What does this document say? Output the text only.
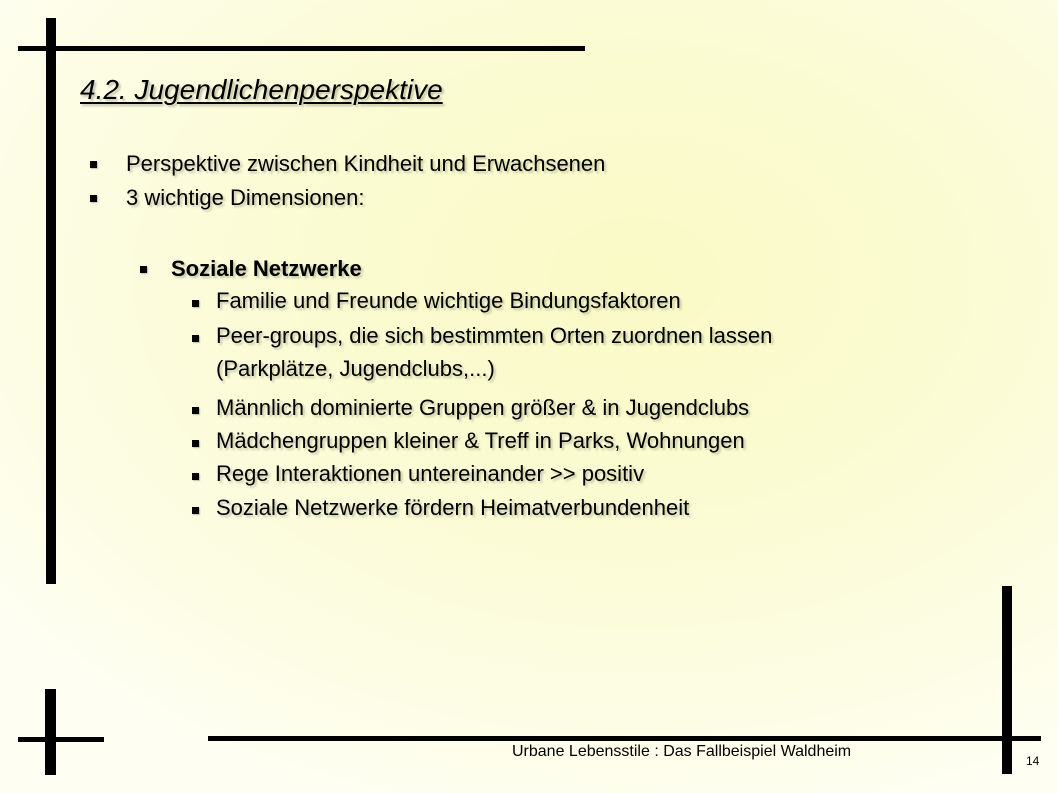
4.2. Jugendlichenperspektive
Perspektive zwischen Kindheit und Erwachsenen
3 wichtige Dimensionen:
Soziale Netzwerke
Familie und Freunde wichtige Bindungsfaktoren
Peer-groups, die sich bestimmten Orten zuordnen lassen
(Parkplätze, Jugendclubs,...)
Männlich dominierte Gruppen größer & in Jugendclubs
Mädchengruppen kleiner & Treff in Parks, Wohnungen
Rege Interaktionen untereinander >> positiv
Soziale Netzwerke fördern Heimatverbundenheit
Urbane Lebensstile : Das Fallbeispiel Waldheim
14
